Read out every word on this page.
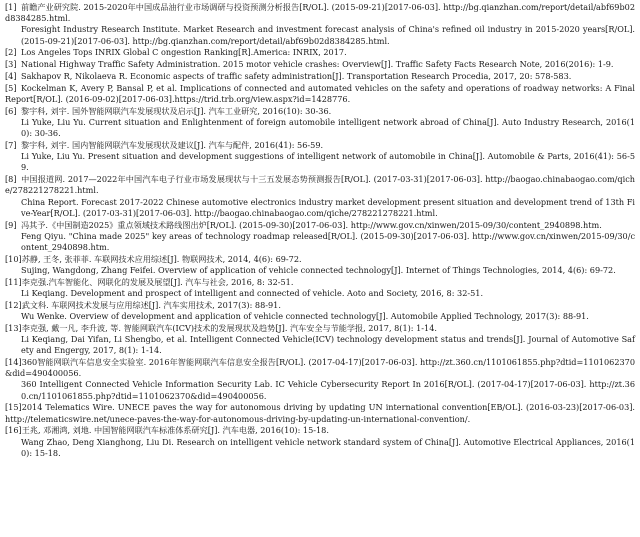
[1] 前瞻产业研究院. 2015-2020年中国成品油行业市场调研与投资预测分析报告[R/OL]. (2015-09-21)[2017-06-03]. http://bg.qianzhan.com/report/detail/abf69b02d8384285.html.
Foresight Industry Research Institute. Market Research and investment forecast analysis of China's refined oil industry in 2015-2020 years[R/OL]. (2015-09-21)[2017-06-03]. http://bg.qianzhan.com/report/detail/abf69b02d8384285.html.
[2] Los Angeles Tops INRIX Global C ongestion Ranking[R].America: INRIX, 2017.
[3] National Highway Traffic Safety Administration. 2015 motor vehicle crashes: Overview[J]. Traffic Safety Facts Research Note, 2016(2016): 1-9.
[4] Sakhapov R, Nikolaeva R. Economic aspects of traffic safety administration[J]. Transportation Research Procedia, 2017, 20: 578-583.
[5] Kockelman K, Avery P, Bansal P, et al. Implications of connected and automated vehicles on the safety and operations of roadway networks: A Final Report[R/OL]. (2016-09-02)[2017-06-03].https://trid.trb.org/view.aspx?id=1428776.
[6] 黎宇科, 刘宇. 国外智能网联汽车发展现状及启示[J]. 汽车工业研究, 2016(10): 30-36.
Li Yuke, Liu Yu. Current situation and Enlightenment of foreign automobile intelligent network abroad of China[J]. Auto Industry Research, 2016(10): 30-36.
[7] 黎宇科, 刘宇. 国内智能网联汽车发展现状及建议[J]. 汽车与配件, 2016(41): 56-59.
Li Yuke, Liu Yu. Present situation and development suggestions of intelligent network of automobile in China[J]. Automobile & Parts, 2016(41): 56-59.
[8] 中国报道网. 2017—2022年中国汽车电子行业市场发展现状与十三五发展态势预测报告[R/OL]. (2017-03-31)[2017-06-03]. http://baogao.chinabaogao.com/qiche/278221278221.html.
China Report. Forecast 2017-2022 Chinese automotive electronics industry market development present situation and development trend of 13th Five-Year[R/OL]. (2017-03-31)[2017-06-03]. http://baogao.chinabaogao.com/qiche/278221278221.html.
[9] 冯其予.《中国制造2025》重点领域技术路线图出炉[R/OL]. (2015-09-30)[2017-06-03]. http://www.gov.cn/xinwen/2015-09/30/content_2940898.htm.
Feng Qiyu. "China made 2025" key areas of technology roadmap released[R/OL]. (2015-09-30)[2017-06-03]. http://www.gov.cn/xinwen/2015-09/30/content_2940898.htm.
[10]苏静, 王冬, 张菲菲. 车联网技术应用综述[J]. 物联网技术, 2014, 4(6): 69-72.
Sujing, Wangdong, Zhang Feifei. Overview of application of vehicle connected technology[J]. Internet of Things Technologies, 2014, 4(6): 69-72.
[11]李克强.汽车智能化、网联化的发展及展望[J]. 汽车与社会, 2016, 8: 32-51.
Li Keqiang. Development and prospect of intelligent and connected of vehicle. Aoto and Society, 2016, 8: 32-51.
[12]武文科. 车联网技术发展与应用综述[J]. 汽车实用技术, 2017(3): 88-91.
Wu Wenke. Overview of development and application of vehicle connected technology[J]. Automobile Applied Technology, 2017(3): 88-91.
[13]李克强, 戴一凡, 李升波, 等. 智能网联汽车(ICV)技术的发展现状及趋势[J]. 汽车安全与节能学报, 2017, 8(1): 1-14.
Li Keqiang, Dai Yifan, Li Shengbo, et al. Intelligent Connected Vehicle(ICV) technology development status and trends[J]. Journal of Automotive Safety and Engergy, 2017, 8(1): 1-14.
[14]360智能网联汽车信息安全实验室. 2016年智能网联汽车信息安全报告[R/OL]. (2017-04-17)[2017-06-03]. http://zt.360.cn/1101061855.php?dtid=1101062370&did=490400056.
360 Intelligent Connected Vehicle Information Security Lab. IC Vehicle Cybersecurity Report In 2016[R/OL]. (2017-04-17)[2017-06-03]. http://zt.360.cn/1101061855.php?dtid=1101062370&did=490400056.
[15]2014 Telematics Wire. UNECE paves the way for autonomous driving by updating UN international convention[EB/OL]. (2016-03-23)[2017-06-03]. http://telematicswire.net/unece-paves-the-way-for-autonomous-driving-by-updating-un-international-convention/.
[16]王兆, 邓湘鸿, 刘地. 中国智能网联汽车标准体系研究[J]. 汽车电器, 2016(10): 15-18.
Wang Zhao, Deng Xianghong, Liu Di. Research on intelligent vehicle network standard system of China[J]. Automotive Electrical Appliances, 2016(10): 15-18.
